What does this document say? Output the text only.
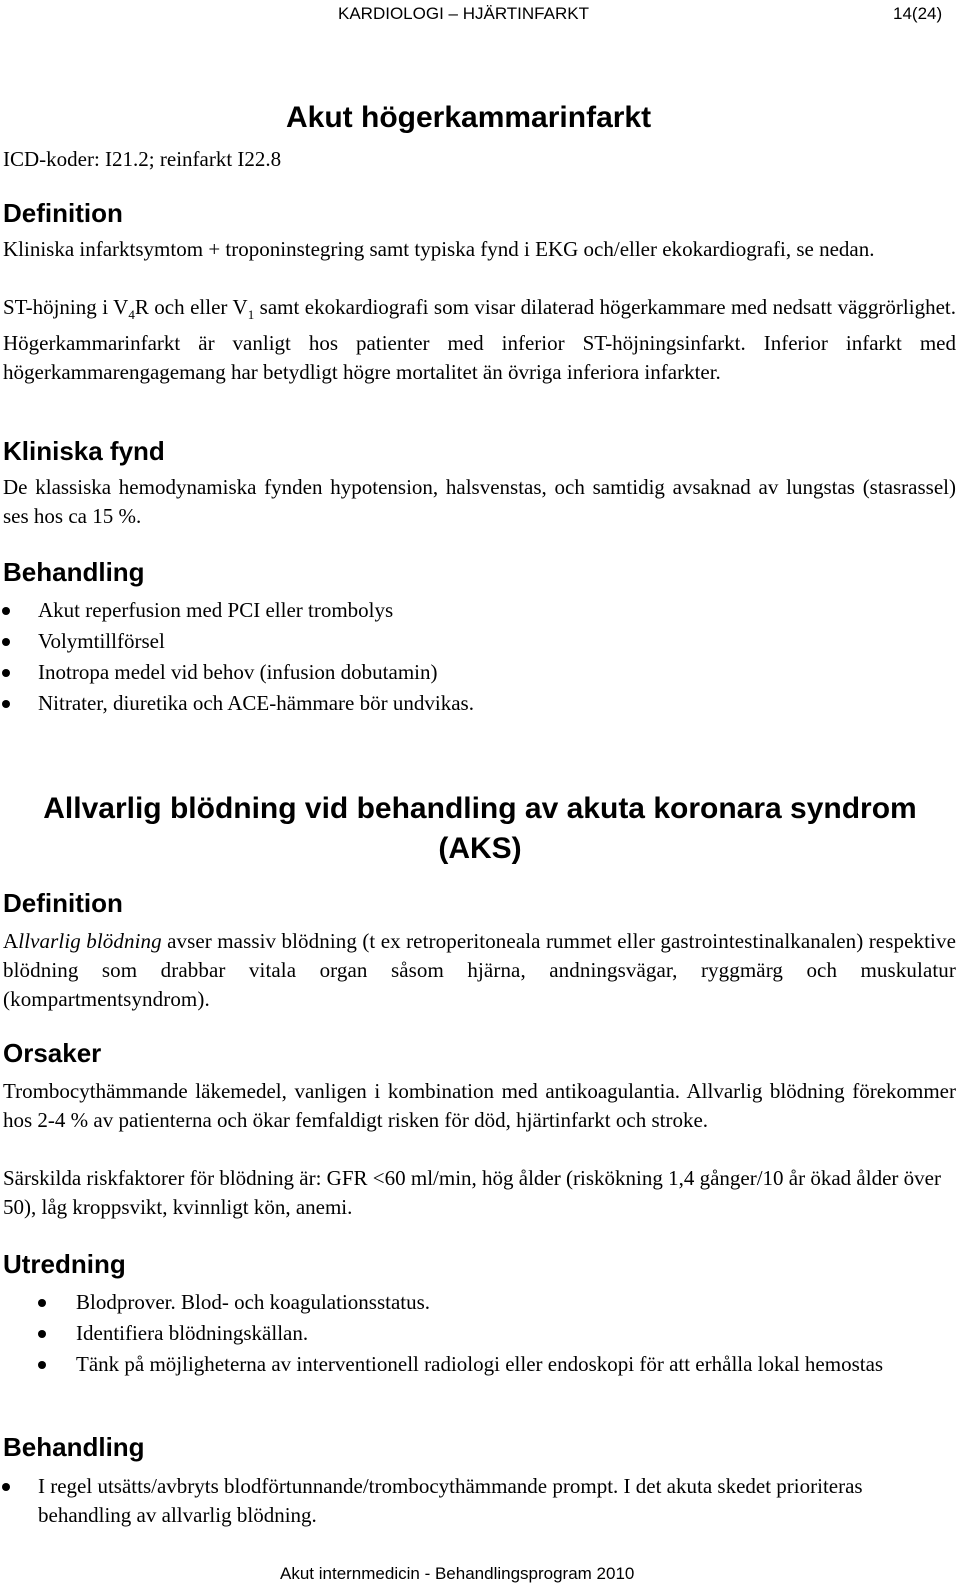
KARDIOLOGI – HJÄRTINFARKT	14(24)
Akut högerkammarinfarkt
ICD-koder: I21.2; reinfarkt I22.8
Definition

Kliniska infarktsymtom + troponinstegring samt typiska fynd i EKG och/eller ekokardiografi, se nedan.

ST-höjning i $V_4R$ och eller $V_1$ samt ekokardiografi som visar dilaterad högerkammare med nedsatt väggrörlighet. Högerkammarinfarkt är vanligt hos patienter med inferior ST-höjningsinfarkt. Inferior infarkt med högerkammarengagemang har betydligt högre mortalitet än övriga inferiora infarkter.

Kliniska fynd

De klassiska hemodynamiska fynden hypotension, halsvenstas, och samtidig avsaknad av lungstas (stasrassel) ses hos ca 15 %.

Behandling
Akut reperfusion med PCI eller trombolys
Volymtillförsel
Inotropa medel vid behov (infusion dobutamin)
Nitrater, diuretika och ACE-hämmare bör undvikas.
Allvarlig blödning vid behandling av akuta koronara syndrom
(AKS)
Definition

Allvarlig blödning avser massiv blödning (t ex retroperitoneala rummet eller gastrointestinalkanalen) respektive blödning som drabbar vitala organ såsom hjärna, andningsvägar, ryggmärg och muskulatur (kompartmentsyndrom).

Orsaker

Trombocythämmande läkemedel, vanligen i kombination med antikoagulantia. Allvarlig blödning förekommer hos 2-4 % av patienterna och ökar femfaldigt risken för död, hjärtinfarkt och stroke.

Särskilda riskfaktorer för blödning är: GFR <60 ml/min, hög ålder (riskökning 1,4 gånger/10 år ökad ålder över 50), låg kroppsvikt, kvinnligt kön, anemi.

Utredning
Blodprover. Blod- och koagulationsstatus.
Identifiera blödningskällan.
Tänk på möjligheterna av interventionell radiologi eller endoskopi för att erhålla lokal hemostas
Behandling
I regel utsätts/avbryts blodförtunnande/trombocythämmande prompt. I det akuta skedet prioriteras behandling av allvarlig blödning.
Akut internmedicin - Behandlingsprogram 2010
